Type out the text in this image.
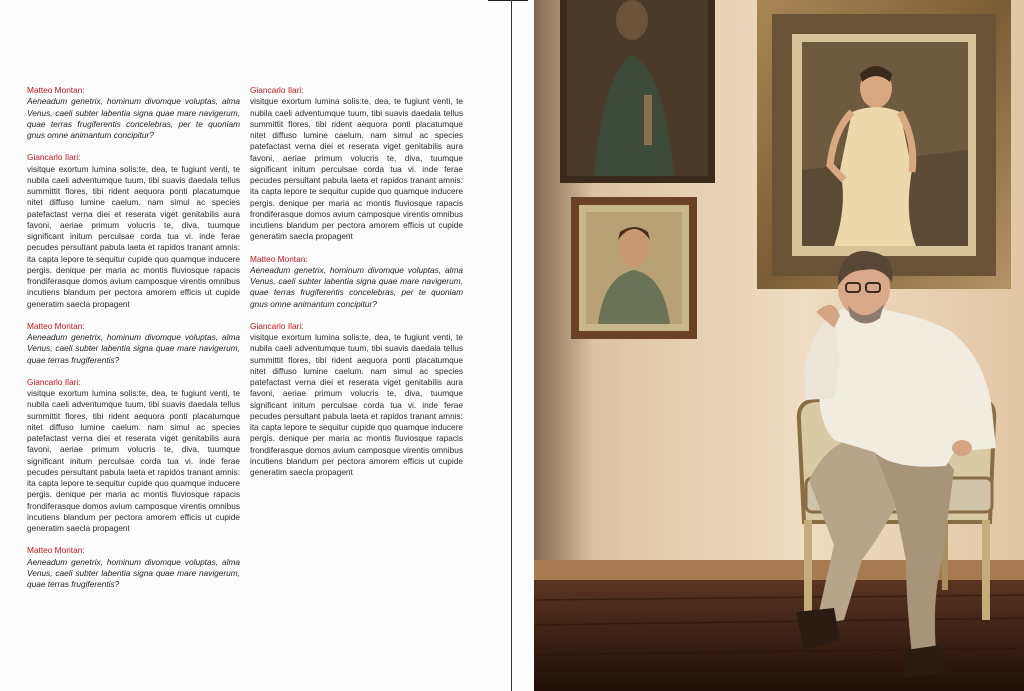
Matteo Montan:
Aeneadum genetrix, hominum divomque voluptas, alma Venus, caeli subter labentia signa quae mare navigerum, quae terras frugiferentis concelebras, per te quoniam gnus omne animantum concipitur?
Giancarlo Ilari:
visitque exortum lumina solis:te, dea, te fugiunt venti, te nubila caeli adventumque tuum, tibi suavis daedala tellus summittit flores, tibi rident aequora ponti placatumque nitet diffuso lumine caelum. nam simul ac species patefactast verna diei et reserata viget genitabilis aura favoni, aeriae primum volucris te, diva, tuumque significant initum perculsae corda tua vi. inde ferae pecudes persultant pabula laeta et rapidos tranant amnis: ita capta lepore te sequitur cupide quo quamque inducere pergis. denique per maria ac montis fluviosque rapacis frondiferasque domos avium camposque virentis omnibus incutiens blandum per pectora amorem efficis ut cupide generatim saecla propagent
Matteo Montan:
Aeneadum genetrix, hominum divomque voluptas, alma Venus, caeli subter labentia signa quae mare navigerum, quae terras frugiferentis?
Giancarlo Ilari:
visitque exortum lumina solis:te, dea, te fugiunt venti, te nubila caeli adventumque tuum, tibi suavis daedala tellus summittit flores, tibi rident aequora ponti placatumque nitet diffuso lumine caelum. nam simul ac species patefactast verna diei et reserata viget genitabilis aura favoni, aeriae primum volucris te, diva, tuumque significant initum perculsae corda tua vi. inde ferae pecudes persultant pabula laeta et rapidos tranant amnis: ita capta lepore te sequitur cupide quo quamque inducere pergis. denique per maria ac montis fluviosque rapacis frondiferasque domos avium camposque virentis omnibus incutiens blandum per pectora amorem efficis ut cupide generatim saecla propagent
Matteo Montan:
Aeneadum genetrix, hominum divomque voluptas, alma Venus, caeli subter labentia signa quae mare navigerum, quae terras frugiferentis?
Giancarlo Ilari:
visitque exortum lumina solis:te, dea, te fugiunt venti, te nubila caeli adventumque tuum, tibi suavis daedala tellus summittit flores, tibi rident aequora ponti placatumque nitet diffuso lumine caelum. nam simul ac species patefactast verna diei et reserata viget genitabilis aura favoni, aeriae primum volucris te, diva, tuumque significant initum perculsae corda tua vi. inde ferae pecudes persultant pabula laeta et rapidos tranant amnis: ita capta lepore te sequitur cupide quo quamque inducere pergis. denique per maria ac montis fluviosque rapacis frondiferasque domos avium camposque virentis omnibus incutiens blandum per pectora amorem efficis ut cupide generatim saecla propagent
Matteo Montan:
Aeneadum genetrix, hominum divomque voluptas, alma Venus, caeli subter labentia signa quae mare navigerum, quae terras frugiferentis concelebras, per te quoniam gnus omne animantum concipitur?
Giancarlo Ilari:
visitque exortum lumina solis:te, dea, te fugiunt venti, te nubila caeli adventumque tuum, tibi suavis daedala tellus summittit flores, tibi rident aequora ponti placatumque nitet diffuso lumine caelum. nam simul ac species patefactast verna diei et reserata viget genitabilis aura favoni, aeriae primum volucris te, diva, tuumque significant initum perculsae corda tua vi. inde ferae pecudes persultant pabula laeta et rapidos tranant amnis: ita capta lepore te sequitur cupide quo quamque inducere pergis. denique per maria ac montis fluviosque rapacis frondiferasque domos avium camposque virentis omnibus incutiens blandum per pectora amorem efficis ut cupide generatim saecla propagent
